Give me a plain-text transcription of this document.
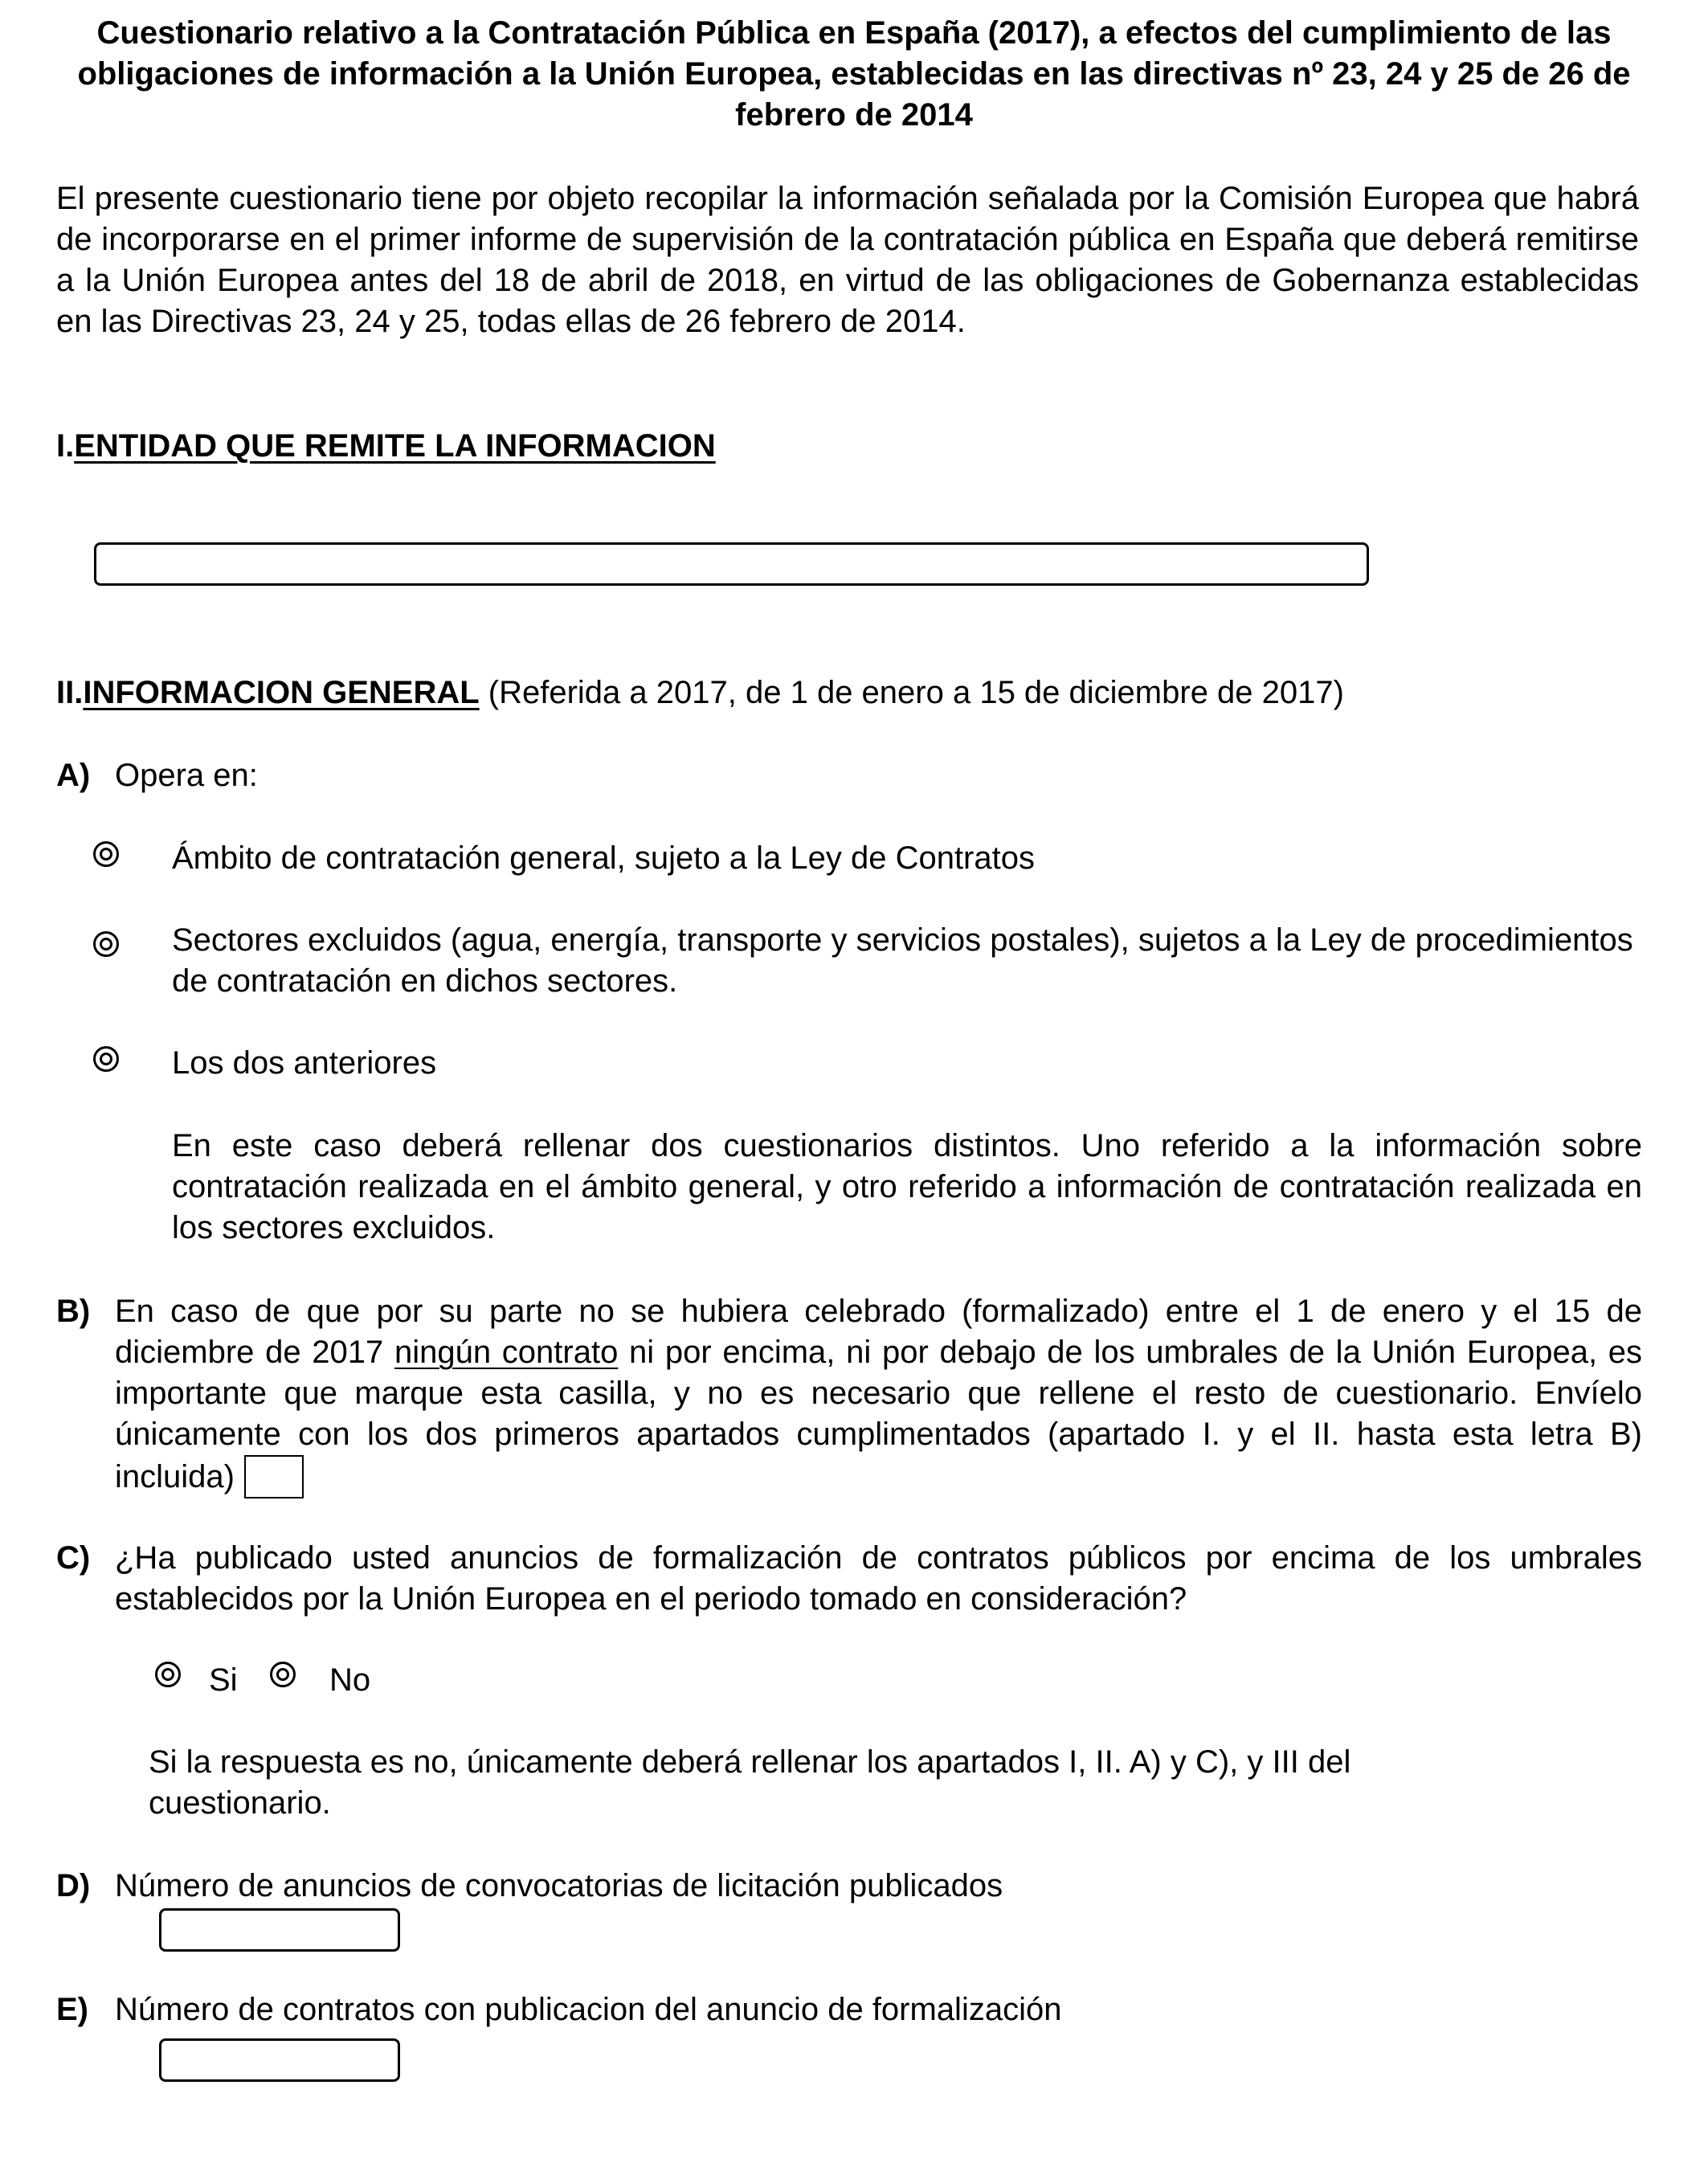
Cuestionario relativo a la Contratación Pública en España (2017), a efectos del cumplimiento de las obligaciones de información a la Unión Europea, establecidas en las directivas nº 23, 24 y 25 de 26 de febrero de 2014
El presente cuestionario tiene por objeto recopilar la información señalada por la Comisión Europea que habrá de incorporarse en el primer informe de supervisión de la contratación pública en España que deberá remitirse a la Unión Europea antes del 18 de abril de 2018, en virtud de las obligaciones de Gobernanza establecidas en las Directivas 23, 24 y 25, todas ellas de 26 febrero de 2014.
I.ENTIDAD QUE REMITE LA INFORMACION
II.INFORMACION GENERAL (Referida a 2017, de 1 de enero a 15 de diciembre de 2017)
A) Opera en:
Ámbito de contratación general, sujeto a la Ley de Contratos
Sectores excluidos (agua, energía, transporte y servicios postales), sujetos a la Ley de procedimientos de contratación en dichos sectores.
Los dos anteriores
En este caso deberá rellenar dos cuestionarios distintos. Uno referido a la información sobre contratación realizada en el ámbito general, y otro referido a información de contratación realizada en los sectores excluidos.
B) En caso de que por su parte no se hubiera celebrado (formalizado) entre el 1 de enero y el 15 de diciembre de 2017 ningún contrato ni por encima, ni por debajo de los umbrales de la Unión Europea, es importante que marque esta casilla, y no es necesario que rellene el resto de cuestionario. Envíelo únicamente con los dos primeros apartados cumplimentados (apartado I. y el II. hasta esta letra B) incluida)
C) ¿Ha publicado usted anuncios de formalización de contratos públicos por encima de los umbrales establecidos por la Unión Europea en el periodo tomado en consideración?
Si	No
Si la respuesta es no, únicamente deberá rellenar los apartados I, II. A) y C), y III del cuestionario.
D) Número de anuncios de convocatorias de licitación publicados
E) Número de contratos con publicacion del anuncio de formalización
